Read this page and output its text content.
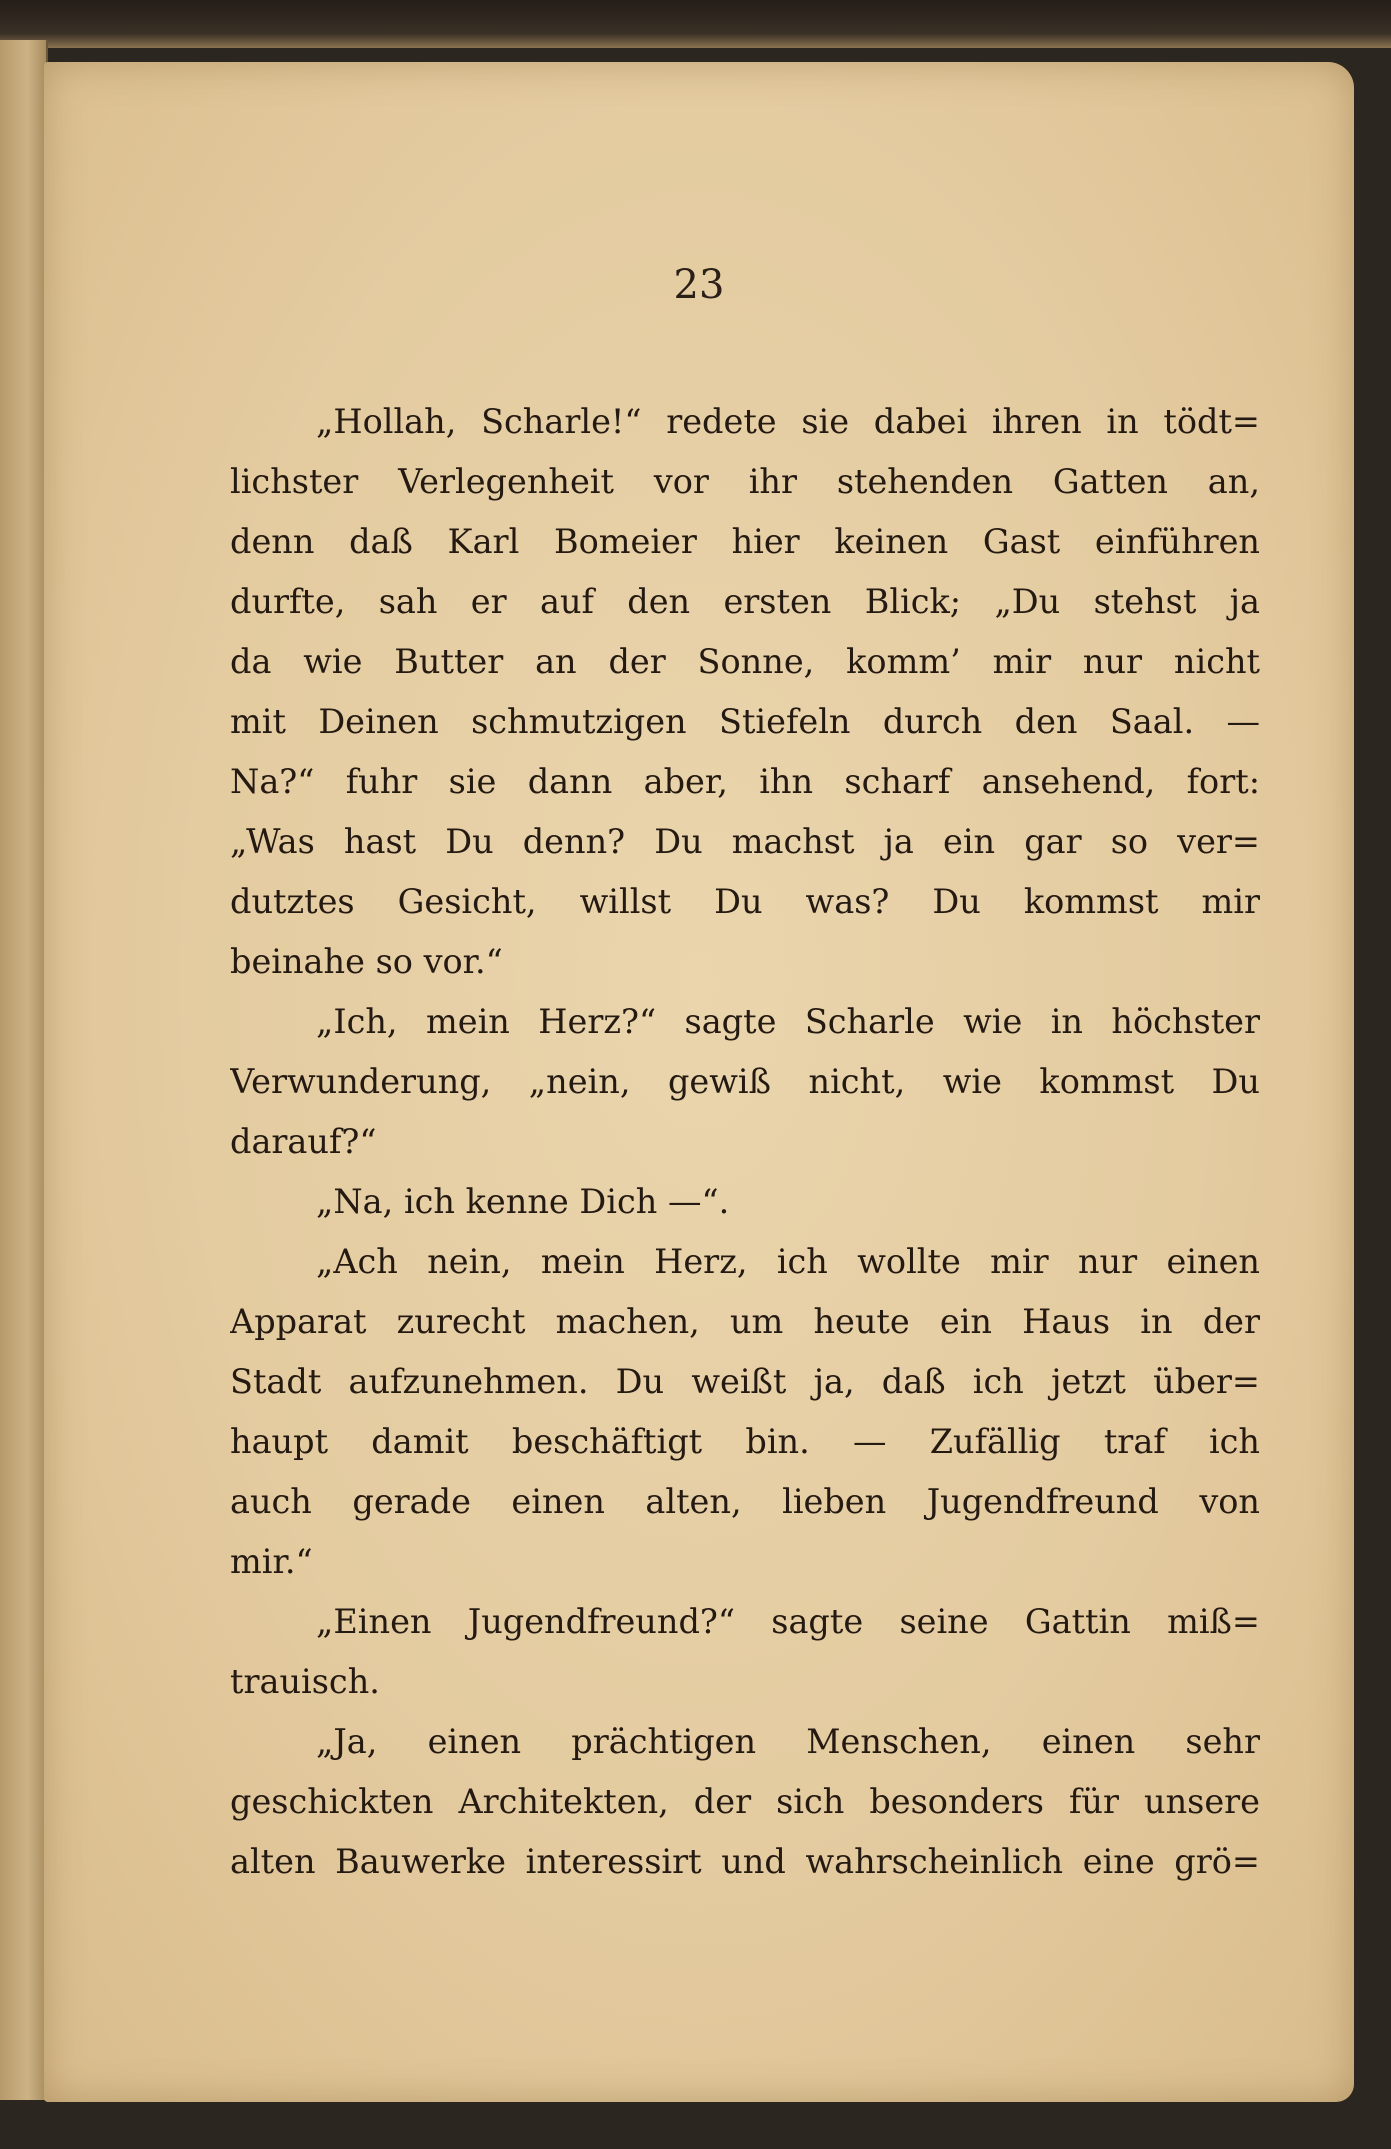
23

„Hollah, Scharle!“ redete sie dabei ihren in tödt=
lichster Verlegenheit vor ihr stehenden Gatten an,
denn daß Karl Bomeier hier keinen Gast einführen
durfte, sah er auf den ersten Blick; „Du stehst ja
da wie Butter an der Sonne, komm’ mir nur nicht
mit Deinen schmutzigen Stiefeln durch den Saal. —
Na?“ fuhr sie dann aber, ihn scharf ansehend, fort:
„Was hast Du denn? Du machst ja ein gar so ver=
dutztes Gesicht, willst Du was? Du kommst mir
beinahe so vor.“
„Ich, mein Herz?“ sagte Scharle wie in höchster
Verwunderung, „nein, gewiß nicht, wie kommst Du
darauf?“
„Na, ich kenne Dich —“.
„Ach nein, mein Herz, ich wollte mir nur einen
Apparat zurecht machen, um heute ein Haus in der
Stadt aufzunehmen. Du weißt ja, daß ich jetzt über=
haupt damit beschäftigt bin. — Zufällig traf ich
auch gerade einen alten, lieben Jugendfreund von
mir.“
„Einen Jugendfreund?“ sagte seine Gattin miß=
trauisch.
„Ja, einen prächtigen Menschen, einen sehr
geschickten Architekten, der sich besonders für unsere
alten Bauwerke interessirt und wahrscheinlich eine grö=
